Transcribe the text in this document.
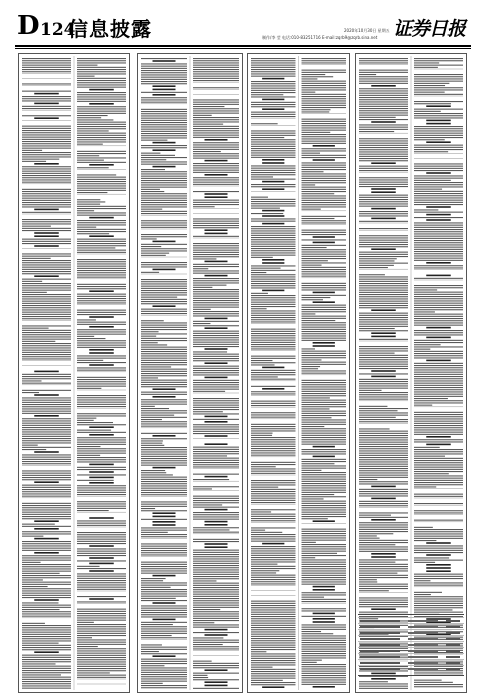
D 124
信息披露	2020年10月30日 星期五
制作/李 莹 电话:010-83251716 E-mail:zqrb9@zqrb.sina.net 证券日报
